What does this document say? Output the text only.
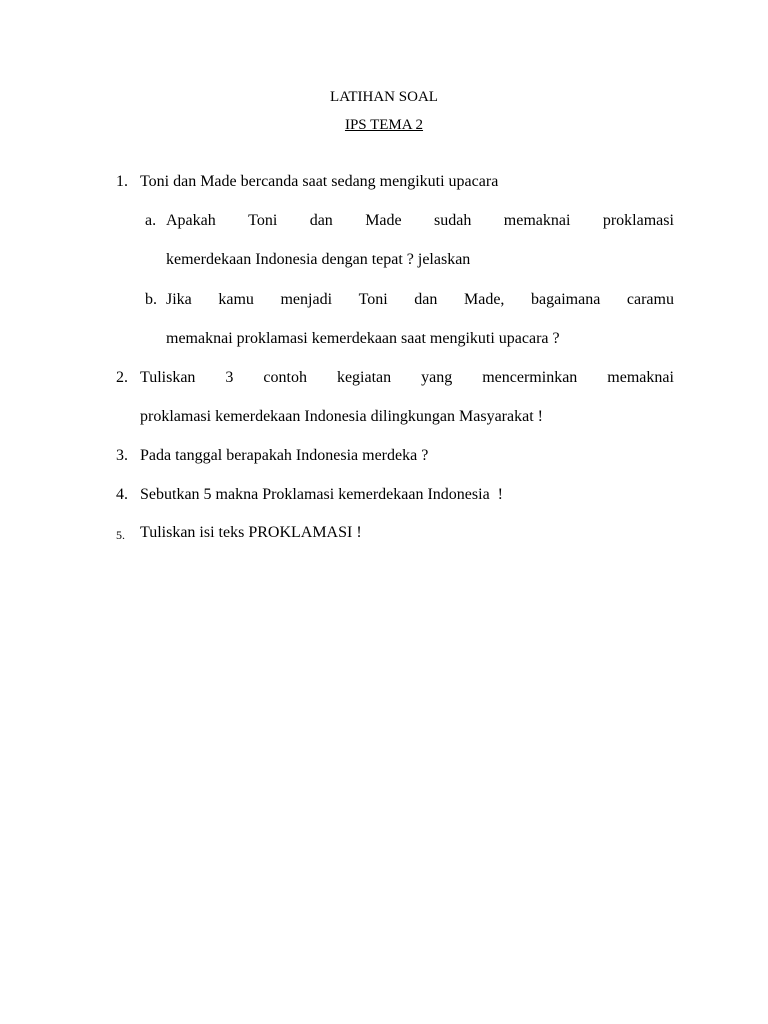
LATIHAN SOAL
IPS TEMA 2
1. Toni dan Made bercanda saat sedang mengikuti upacara
a. Apakah Toni dan Made sudah memaknai proklamasi
kemerdekaan Indonesia dengan tepat ? jelaskan
b. Jika kamu menjadi Toni dan Made, bagaimana caramu
memaknai proklamasi kemerdekaan saat mengikuti upacara ?
2. Tuliskan 3 contoh kegiatan yang mencerminkan memaknai
proklamasi kemerdekaan Indonesia dilingkungan Masyarakat !
3. Pada tanggal berapakah Indonesia merdeka ?
4. Sebutkan 5 makna Proklamasi kemerdekaan Indonesia  !
5. Tuliskan isi teks PROKLAMASI !
